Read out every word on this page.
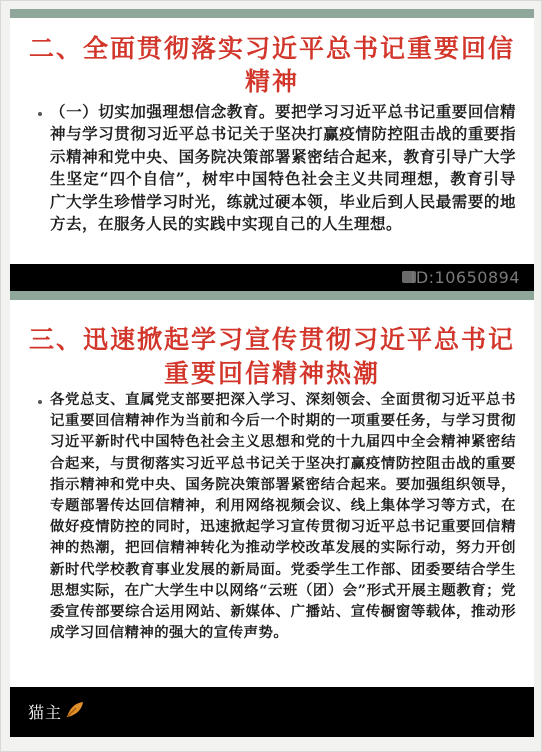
二、全面贯彻落实习近平总书记重要回信
精神
（一）切实加强理想信念教育。要把学习习近平总书记重要回信精神与学习贯彻习近平总书记关于坚决打赢疫情防控阻击战的重要指示精神和党中央、国务院决策部署紧密结合起来，教育引导广大学生坚定“四个自信”，树牢中国特色社会主义共同理想，教育引导广大学生珍惜学习时光，练就过硬本领，毕业后到人民最需要的地方去，在服务人民的实践中实现自己的人生理想。
ID:10650894
三、迅速掀起学习宣传贯彻习近平总书记
重要回信精神热潮
各党总支、直属党支部要把深入学习、深刻领会、全面贯彻习近平总书记重要回信精神作为当前和今后一个时期的一项重要任务，与学习贯彻习近平新时代中国特色社会主义思想和党的十九届四中全会精神紧密结合起来，与贯彻落实习近平总书记关于坚决打赢疫情防控阻击战的重要指示精神和党中央、国务院决策部署紧密结合起来。要加强组织领导，专题部署传达回信精神，利用网络视频会议、线上集体学习等方式，在做好疫情防控的同时，迅速掀起学习宣传贯彻习近平总书记重要回信精神的热潮，把回信精神转化为推动学校改革发展的实际行动，努力开创新时代学校教育事业发展的新局面。党委学生工作部、团委要结合学生思想实际，在广大学生中以网络“云班（团）会”形式开展主题教育；党委宣传部要综合运用网站、新媒体、广播站、宣传橱窗等载体，推动形成学习回信精神的强大的宣传声势。
猫主
